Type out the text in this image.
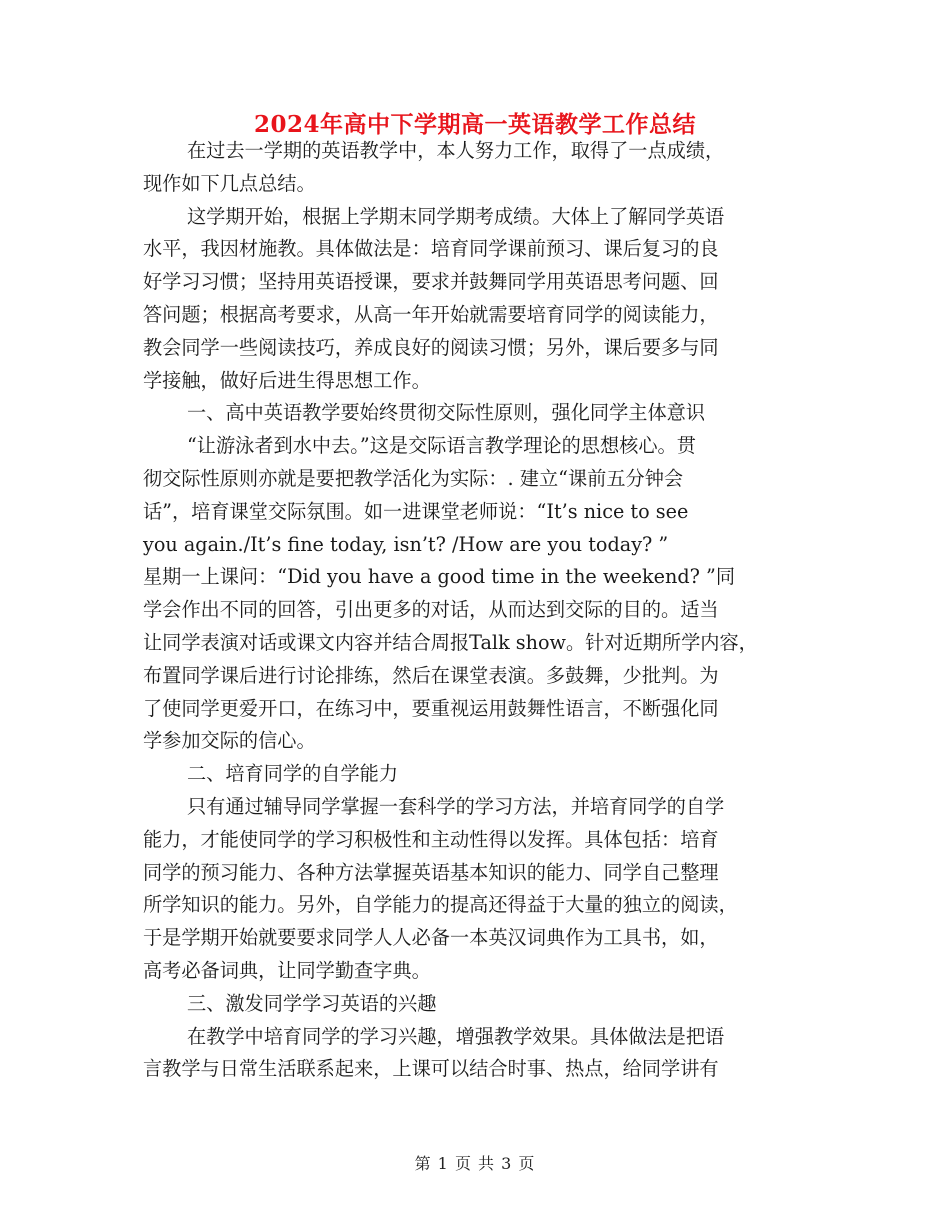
2024年高中下学期高一英语教学工作总结
在过去一学期的英语教学中，本人努力工作，取得了一点成绩，
现作如下几点总结。
这学期开始，根据上学期末同学期考成绩。大体上了解同学英语
水平，我因材施教。具体做法是：培育同学课前预习、课后复习的良
好学习习惯；坚持用英语授课，要求并鼓舞同学用英语思考问题、回
答问题；根据高考要求，从高一年开始就需要培育同学的阅读能力，
教会同学一些阅读技巧，养成良好的阅读习惯；另外，课后要多与同
学接触，做好后进生得思想工作。
一、高中英语教学要始终贯彻交际性原则，强化同学主体意识
“让游泳者到水中去。”这是交际语言教学理论的思想核心。贯
彻交际性原则亦就是要把教学活化为实际：. 建立“课前五分钟会
话”，培育课堂交际氛围。如一进课堂老师说：“It’s nice to see
you again./It’s fine today, isn’t? /How are you today? ”
星期一上课问：“Did you have a good time in the weekend? ”同
学会作出不同的回答，引出更多的对话，从而达到交际的目的。适当
让同学表演对话或课文内容并结合周报Talk show。针对近期所学内容，
布置同学课后进行讨论排练，然后在课堂表演。多鼓舞，少批判。为
了使同学更爱开口，在练习中，要重视运用鼓舞性语言，不断强化同
学参加交际的信心。
二、培育同学的自学能力
只有通过辅导同学掌握一套科学的学习方法，并培育同学的自学
能力，才能使同学的学习积极性和主动性得以发挥。具体包括：培育
同学的预习能力、各种方法掌握英语基本知识的能力、同学自己整理
所学知识的能力。另外，自学能力的提高还得益于大量的独立的阅读，
于是学期开始就要要求同学人人必备一本英汉词典作为工具书，如，
高考必备词典，让同学勤查字典。
三、激发同学学习英语的兴趣
在教学中培育同学的学习兴趣，增强教学效果。具体做法是把语
言教学与日常生活联系起来，上课可以结合时事、热点，给同学讲有
第 1 页 共 3 页
